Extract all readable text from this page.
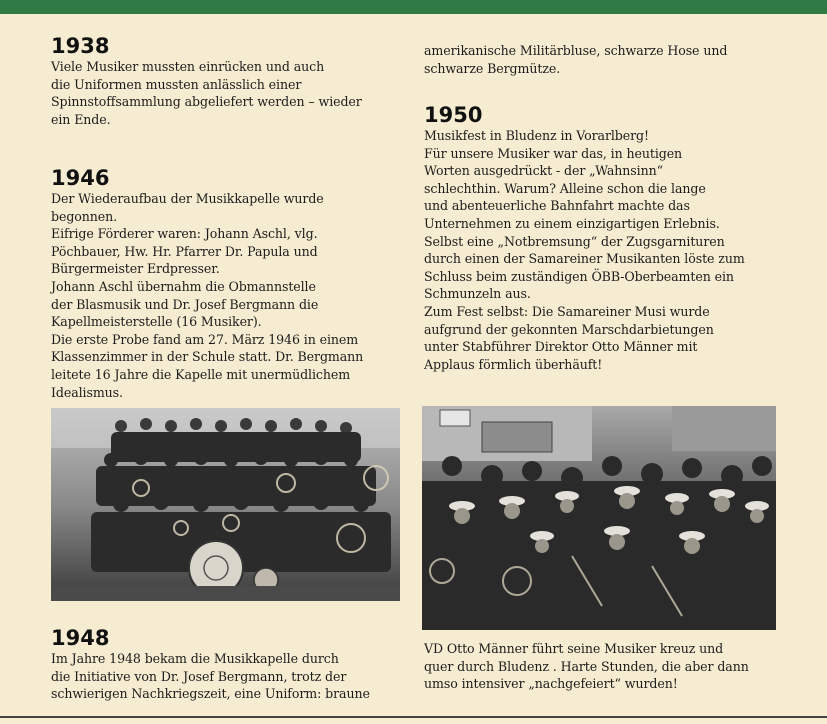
1938

Viele Musiker mussten einrücken und auch
die Uniformen mussten anlässlich einer
Spinnstoffsammlung abgeliefert werden – wieder
ein Ende.

1946

Der Wiederaufbau der Musikkapelle wurde
begonnen.
Eifrige Förderer waren: Johann Aschl, vlg.
Pöchbauer, Hw. Hr. Pfarrer Dr. Papula und
Bürgermeister Erdpresser.
Johann Aschl übernahm die Obmannstelle
der Blasmusik und Dr. Josef Bergmann die
Kapellmeisterstelle (16 Musiker).
Die erste Probe fand am 27. März 1946 in einem
Klassenzimmer in der Schule statt. Dr. Bergmann
leitete 16 Jahre die Kapelle mit unermüdlichem
Idealismus.

1948

Im Jahre 1948 bekam die Musikkapelle durch
die Initiative von Dr. Josef Bergmann, trotz der
schwierigen Nachkriegszeit, eine Uniform: braune

amerikanische Militärbluse, schwarze Hose und
schwarze Bergmütze.

1950

Musikfest in Bludenz in Vorarlberg!
Für unsere Musiker war das, in heutigen
Worten ausgedrückt - der „Wahnsinn“
schlechthin. Warum? Alleine schon die lange
und abenteuerliche Bahnfahrt machte das
Unternehmen zu einem einzigartigen Erlebnis.
Selbst eine „Notbremsung“ der Zugsgarnituren
durch einen der Samareiner Musikanten löste zum
Schluss beim zuständigen ÖBB-Oberbeamten ein
Schmunzeln aus.
Zum Fest selbst: Die Samareiner Musi wurde
aufgrund der gekonnten Marschdarbietungen
unter Stabführer Direktor Otto Männer mit
Applaus förmlich überhäuft!

VD Otto Männer führt seine Musiker kreuz und
quer durch Bludenz . Harte Stunden, die aber dann
umso intensiver „nachgefeiert“ wurden!
